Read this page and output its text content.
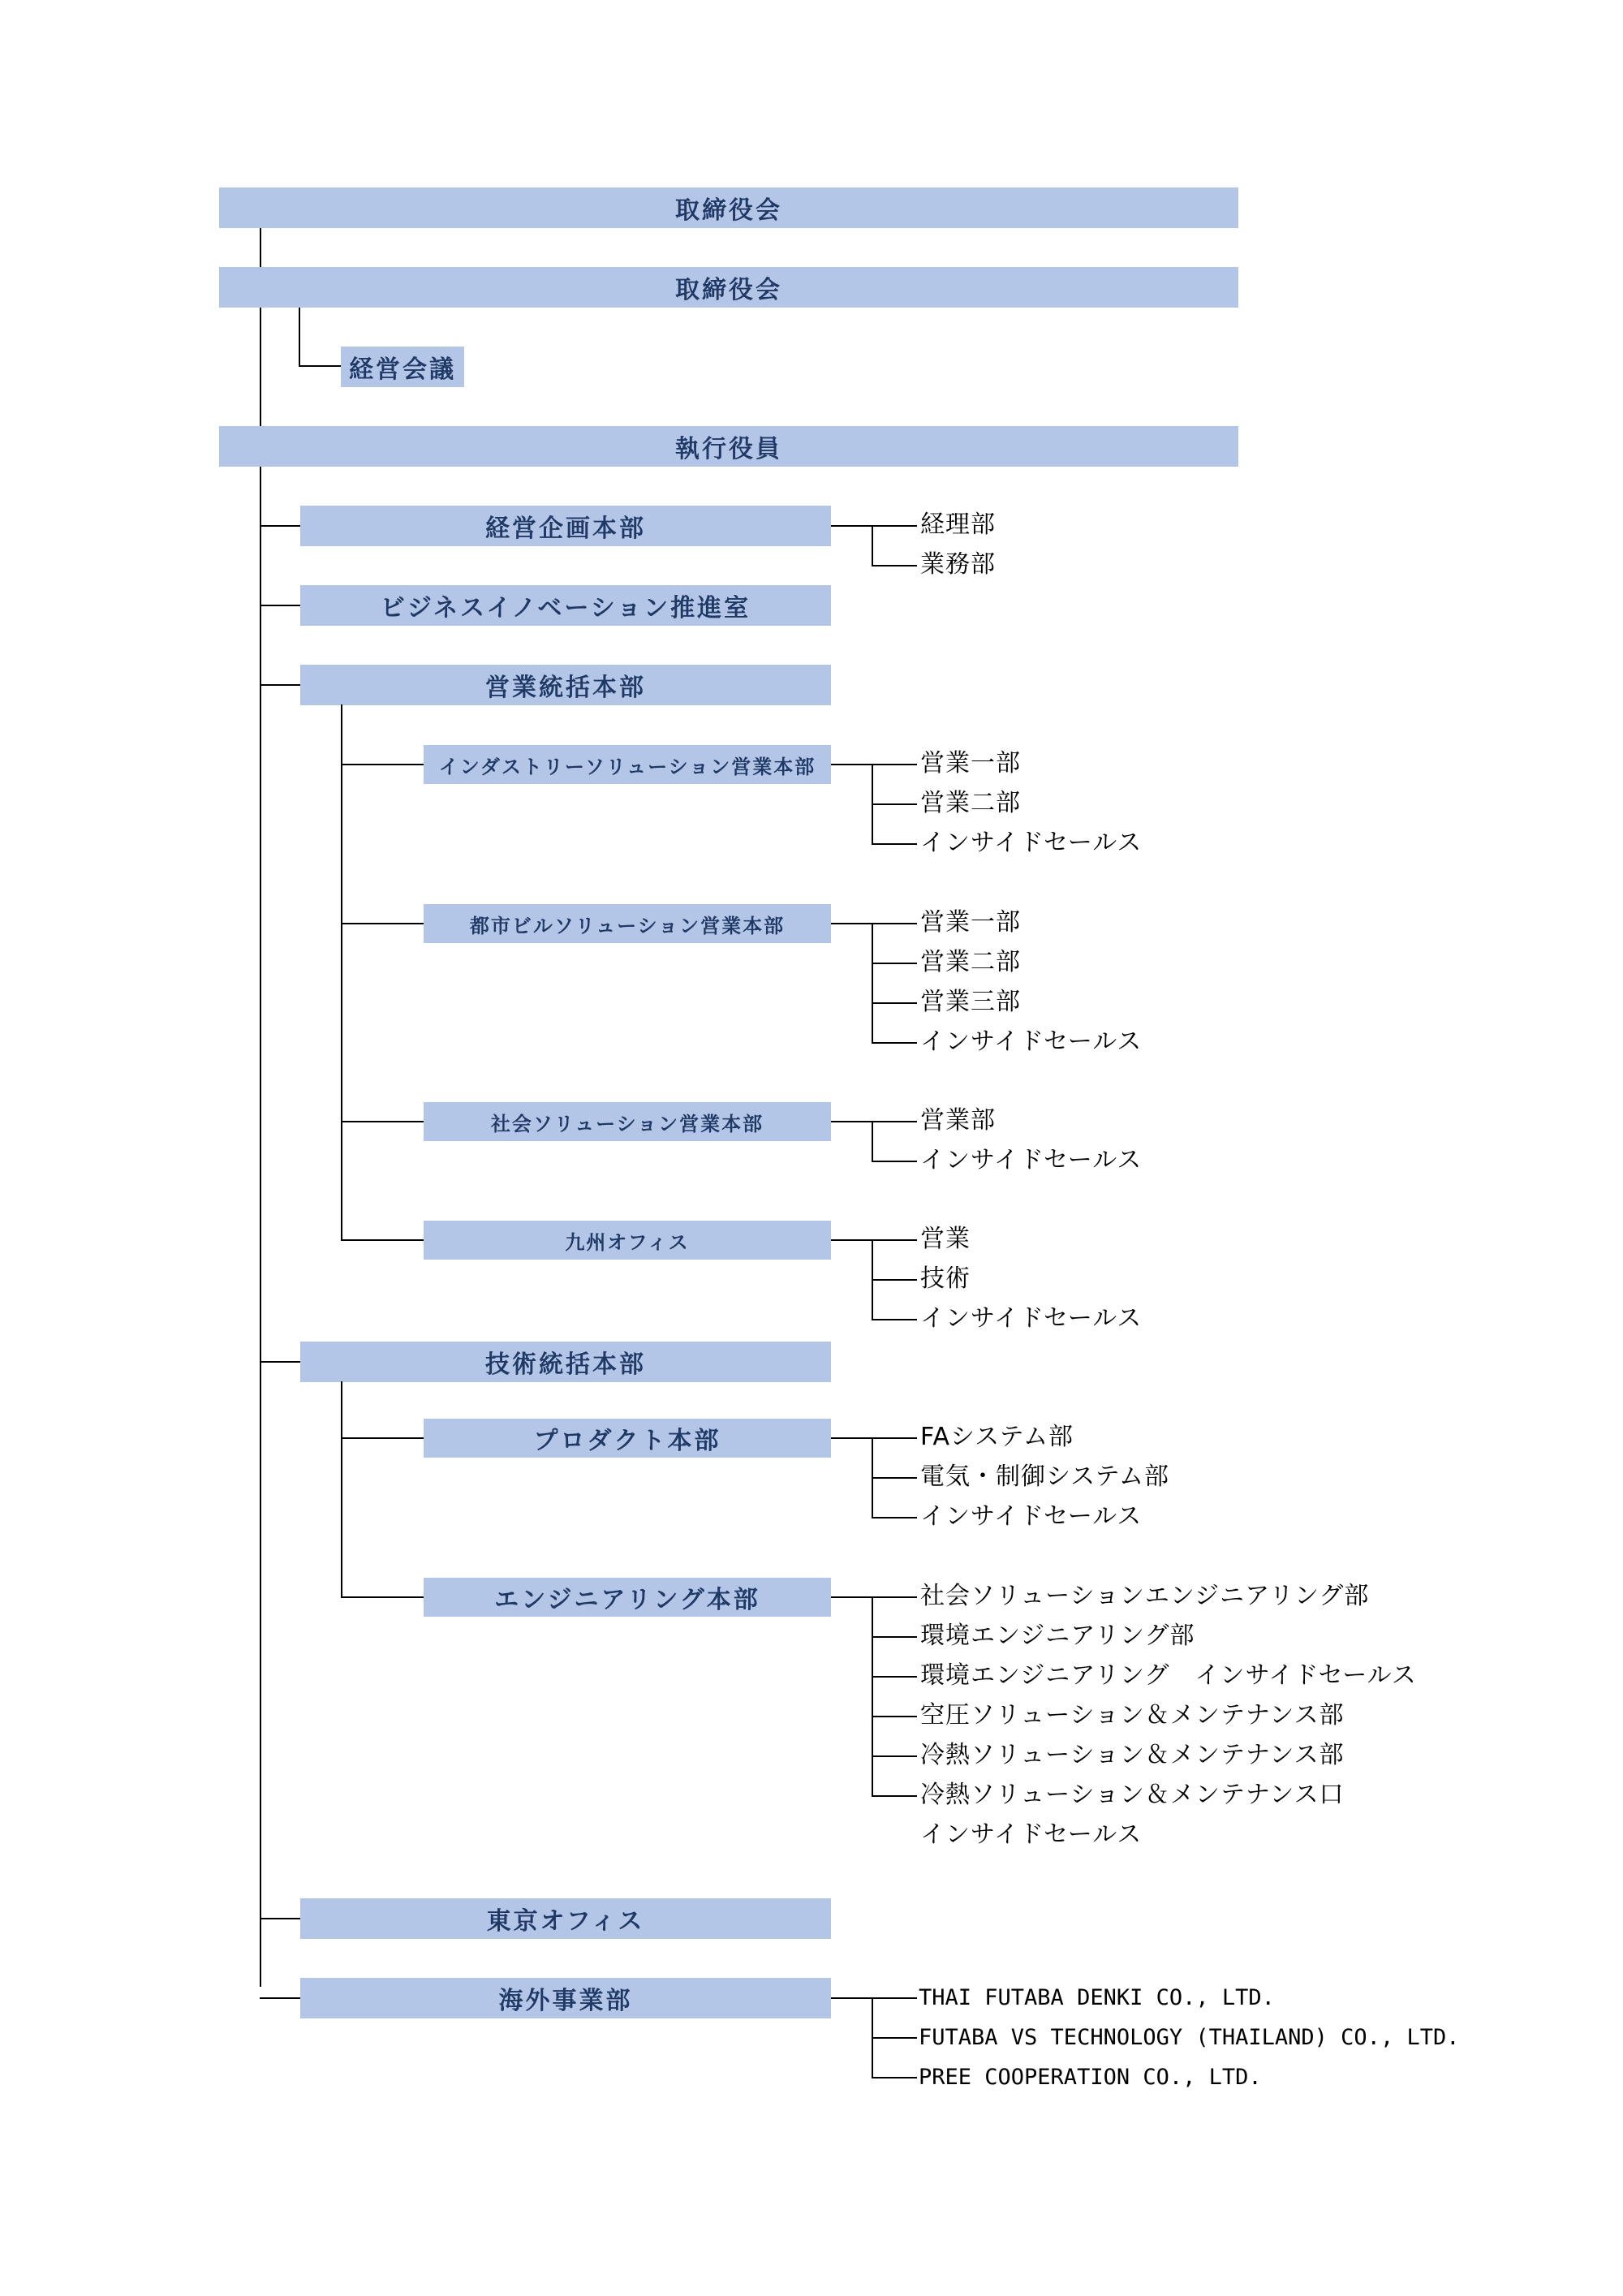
取締役会
取締役会
経営会議
執行役員
経営企画本部
ビジネスイノベーション推進室
営業統括本部
技術統括本部
東京オフィス
海外事業部
インダストリーソリューション営業本部
都市ビルソリューション営業本部
社会ソリューション営業本部
九州オフィス
プロダクト本部
エンジニアリング本部
経理部
業務部
営業一部
営業二部
インサイドセールス
営業一部
営業二部
営業三部
インサイドセールス
営業部
インサイドセールス
営業
技術
インサイドセールス
FAシステム部
電気・制御システム部
インサイドセールス
社会ソリューションエンジニアリング部
環境エンジニアリング部
環境エンジニアリング　インサイドセールス
空圧ソリューション＆メンテナンス部
冷熱ソリューション＆メンテナンス部
冷熱ソリューション＆メンテナンス口
インサイドセールス
THAI FUTABA DENKI CO., LTD.
FUTABA VS TECHNOLOGY (THAILAND) CO., LTD.
PREE COOPERATION CO., LTD.
